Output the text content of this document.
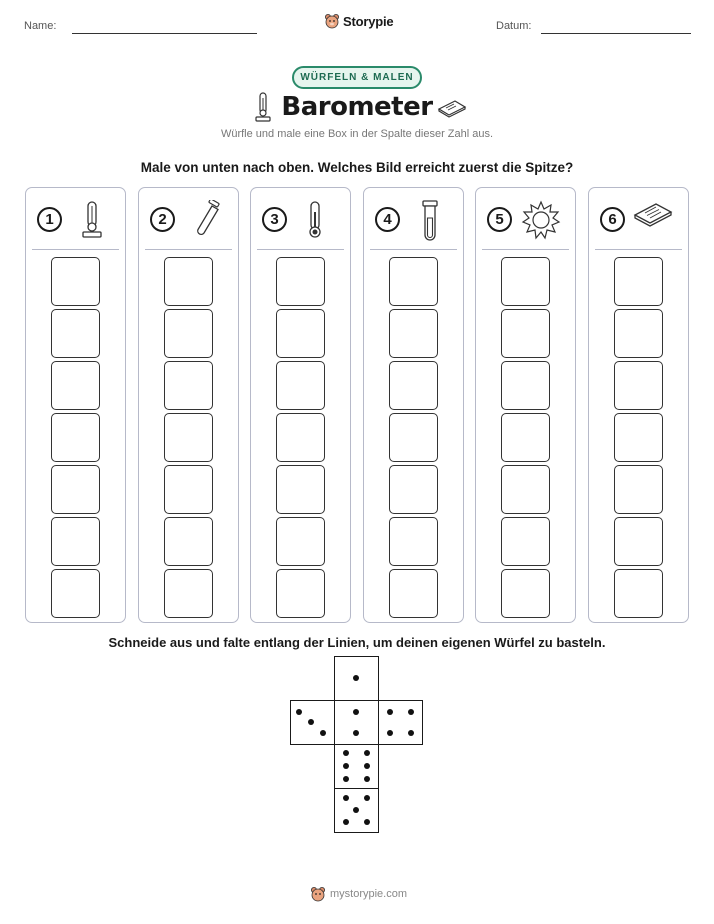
Name:	Datum:
Storypie
WÜRFELN & MALEN
Barometer
Würfle und male eine Box in der Spalte dieser Zahl aus.
Male von unten nach oben. Welches Bild erreicht zuerst die Spitze?
1	2	3	4	5	6
Schneide aus und falte entlang der Linien, um deinen eigenen Würfel zu basteln.
mystorypie.com
